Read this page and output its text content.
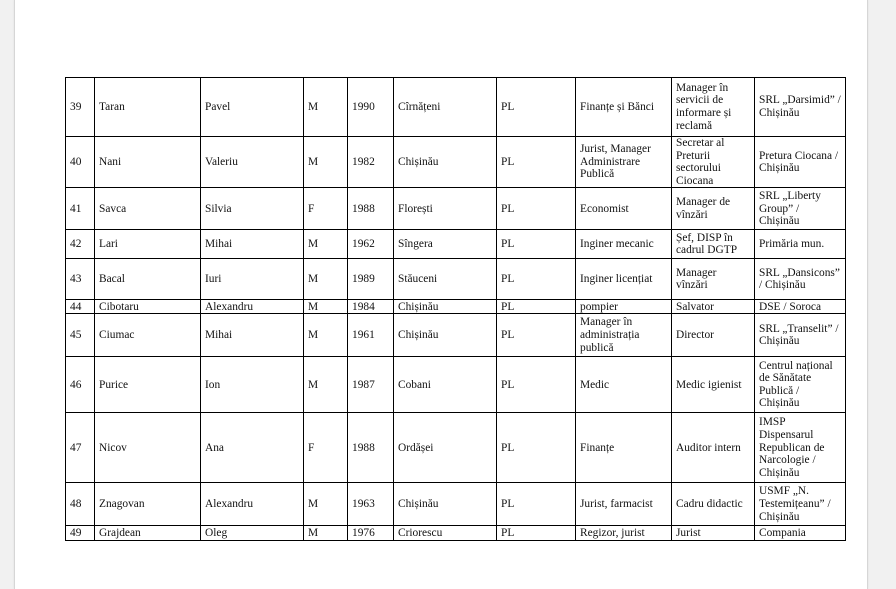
39	Taran	Pavel	M	1990	Cîrnățeni	PL	Finanțe și Bănci	Manager în servicii de informare și reclamă	SRL „Darsimid” / Chișinău
40	Nani	Valeriu	M	1982	Chișinău	PL	Jurist, Manager Administrare Publică	Secretar al Preturii sectorului Ciocana	Pretura Ciocana / Chișinău
41	Savca	Silvia	F	1988	Florești	PL	Economist	Manager de vînzări	SRL „Liberty Group” / Chișinău
42	Lari	Mihai	M	1962	Sîngera	PL	Inginer mecanic	Șef, DISP în cadrul DGTP	Primăria mun.
43	Bacal	Iuri	M	1989	Stăuceni	PL	Inginer licențiat	Manager vînzări	SRL „Dansicons” / Chișinău
44	Cibotaru	Alexandru	M	1984	Chișinău	PL	pompier	Salvator	DSE / Soroca
45	Ciumac	Mihai	M	1961	Chișinău	PL	Manager în administrația publică	Director	SRL „Transelit” / Chișinău
46	Purice	Ion	M	1987	Cobani	PL	Medic	Medic igienist	Centrul național de Sănătate Publică / Chișinău
47	Nicov	Ana	F	1988	Ordășei	PL	Finanțe	Auditor intern	IMSP Dispensarul Republican de Narcologie / Chișinău
48	Znagovan	Alexandru	M	1963	Chișinău	PL	Jurist, farmacist	Cadru didactic	USMF „N. Testemițeanu” / Chișinău
49	Grajdean	Oleg	M	1976	Criorescu	PL	Regizor, jurist	Jurist	Compania
